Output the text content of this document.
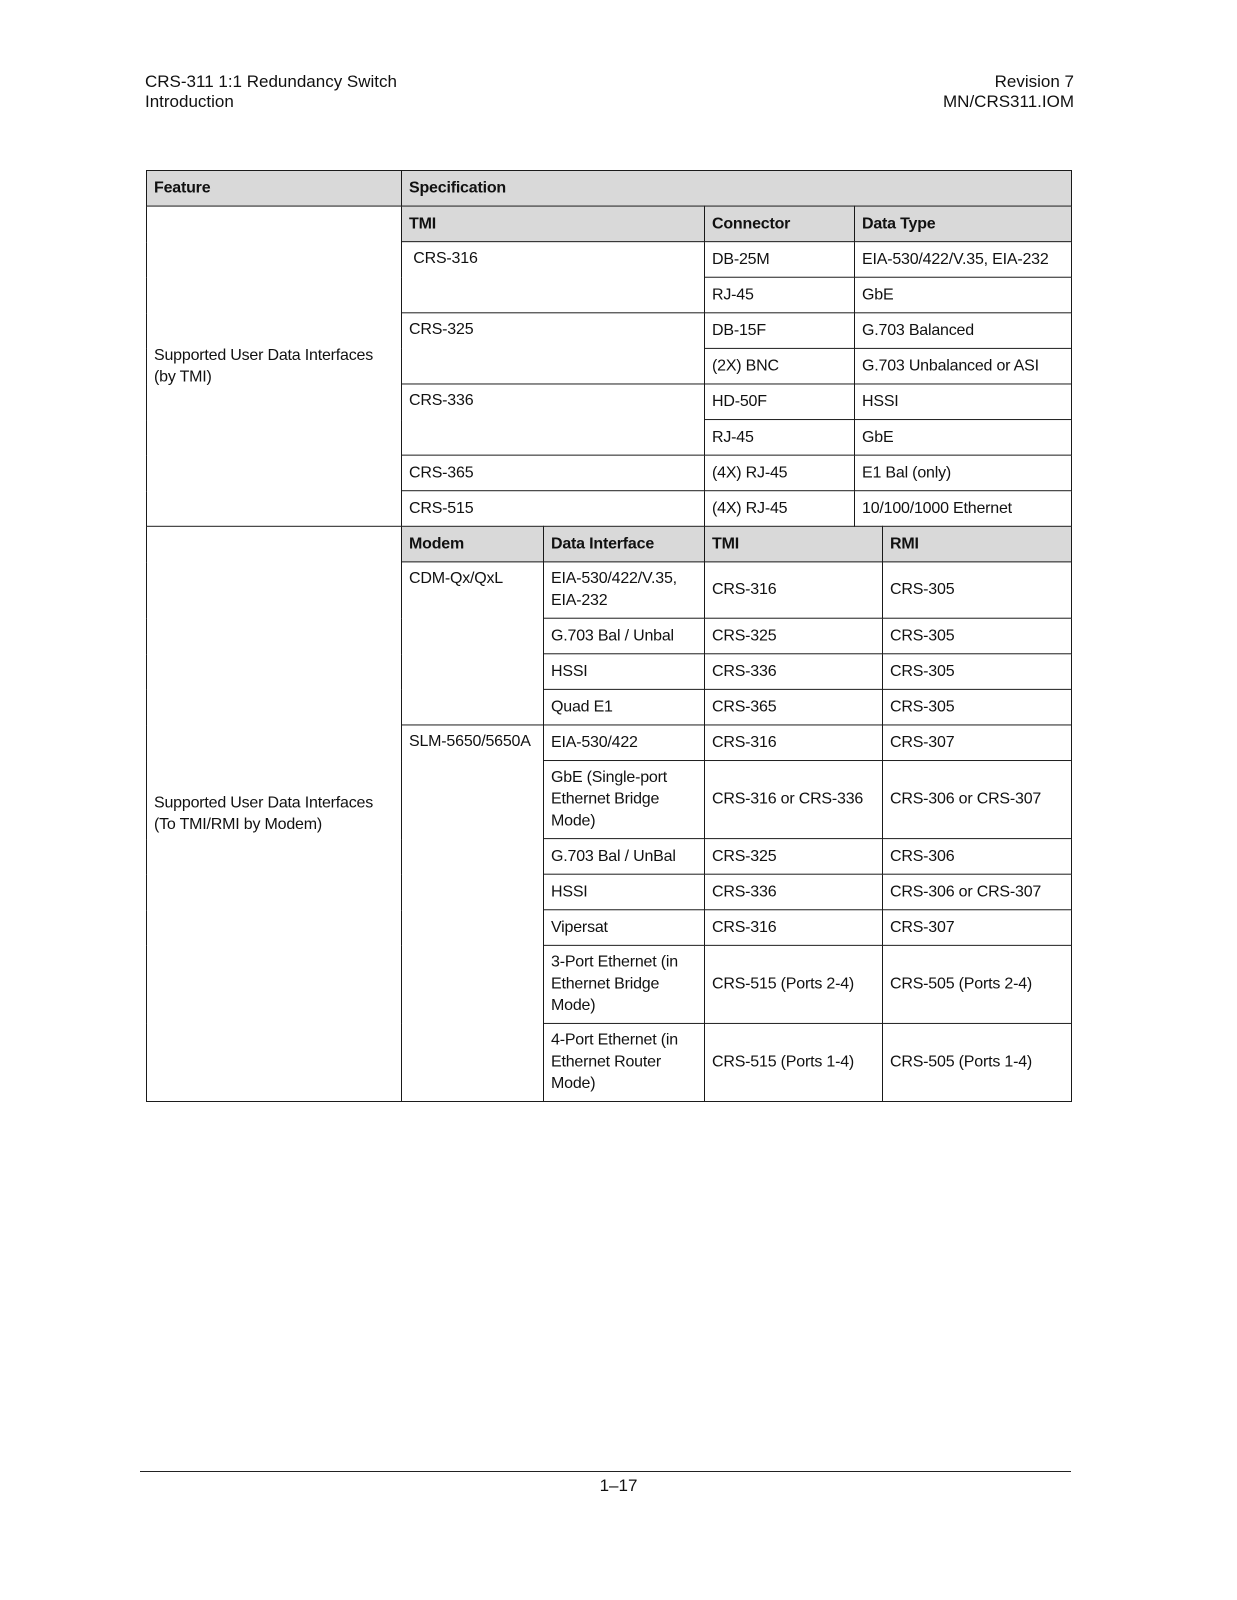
CRS-311 1:1 Redundancy Switch
Introduction
Revision 7
MN/CRS311.IOM
Feature	Specification				
Supported User Data Interfaces (by TMI)	TMI		Connector	Data Type	
	CRS-316		DB-25M	EIA-530/422/V.35, EIA-232	
			RJ-45	GbE	
	CRS-325		DB-15F	G.703 Balanced	
			(2X) BNC	G.703 Unbalanced or ASI	
	CRS-336		HD-50F	HSSI	
			RJ-45	GbE	
	CRS-365		(4X) RJ-45	E1 Bal (only)	
	CRS-515		(4X) RJ-45	10/100/1000 Ethernet	
Supported User Data Interfaces (To TMI/RMI by Modem)	Modem	Data Interface	TMI		RMI
	CDM-Qx/QxL	EIA-530/422/V.35, EIA-232	CRS-316		CRS-305
		G.703 Bal / Unbal	CRS-325		CRS-305
		HSSI	CRS-336		CRS-305
		Quad E1	CRS-365		CRS-305
	SLM-5650/5650A	EIA-530/422	CRS-316		CRS-307
		GbE (Single-port Ethernet Bridge Mode)	CRS-316 or CRS-336		CRS-306 or CRS-307
		G.703 Bal / UnBal	CRS-325		CRS-306
		HSSI	CRS-336		CRS-306 or CRS-307
		Vipersat	CRS-316		CRS-307
		3-Port Ethernet (in Ethernet Bridge Mode)	CRS-515 (Ports 2-4)		CRS-505 (Ports 2-4)
		4-Port Ethernet (in Ethernet Router Mode)	CRS-515 (Ports 1-4)		CRS-505 (Ports 1-4)
1–17
